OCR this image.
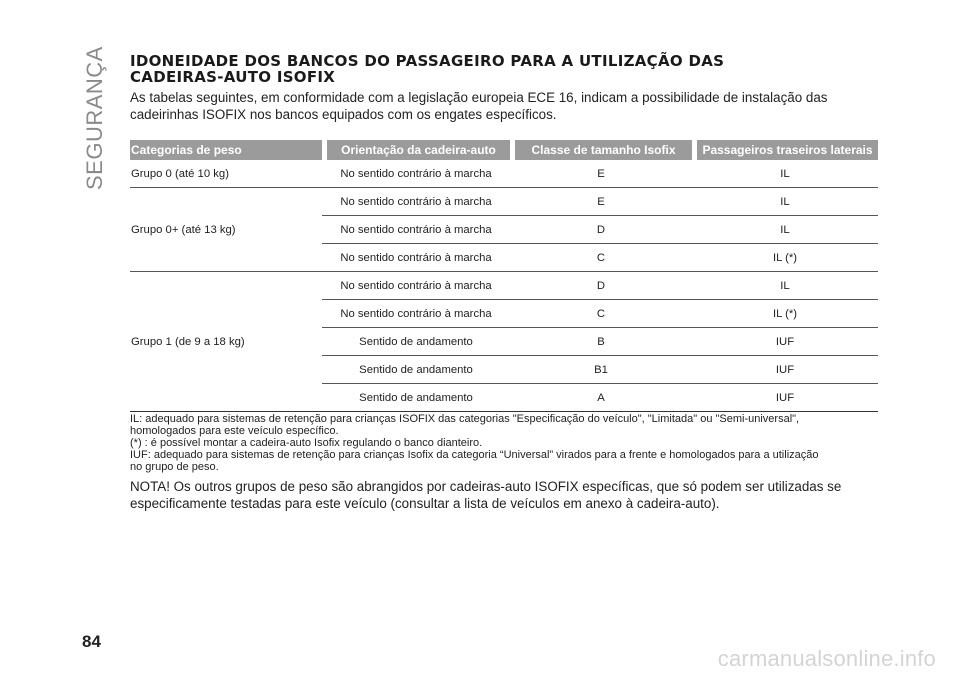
SEGURANÇA IDONEIDADE DOS BANCOS DO PASSAGEIRO PARA A UTILIZAÇÃO DAS
CADEIRAS-AUTO ISOFIX

As tabelas seguintes, em conformidade com a legislação europeia ECE 16, indicam a possibilidade de instalação das
cadeirinhas ISOFIX nos bancos equipados com os engates específicos.

Categorias de peso	Orientação da cadeira-auto	Classe de tamanho Isofix	Passageiros traseiros laterais
Grupo 0 (até 10 kg)	No sentido contrário à marcha	E	IL
Grupo 0+ (até 13 kg)	No sentido contrário à marcha	E	IL
	No sentido contrário à marcha	D	IL
	No sentido contrário à marcha	C	IL (*)
Grupo 1 (de 9 a 18 kg)	No sentido contrário à marcha	D	IL
	No sentido contrário à marcha	C	IL (*)
	Sentido de andamento	B	IUF
	Sentido de andamento	B1	IUF
	Sentido de andamento	A	IUF

IL: adequado para sistemas de retenção para crianças ISOFIX das categorias "Especificação do veículo", "Limitada" ou "Semi-universal",
homologados para este veículo específico.

(*) : é possível montar a cadeira-auto Isofix regulando o banco dianteiro.

IUF: adequado para sistemas de retenção para crianças Isofix da categoria “Universal” virados para a frente e homologados para a utilização
no grupo de peso.

NOTA! Os outros grupos de peso são abrangidos por cadeiras-auto ISOFIX específicas, que só podem ser utilizadas se
especificamente testadas para este veículo (consultar a lista de veículos em anexo à cadeira-auto).

84
carmanualsonline.info
